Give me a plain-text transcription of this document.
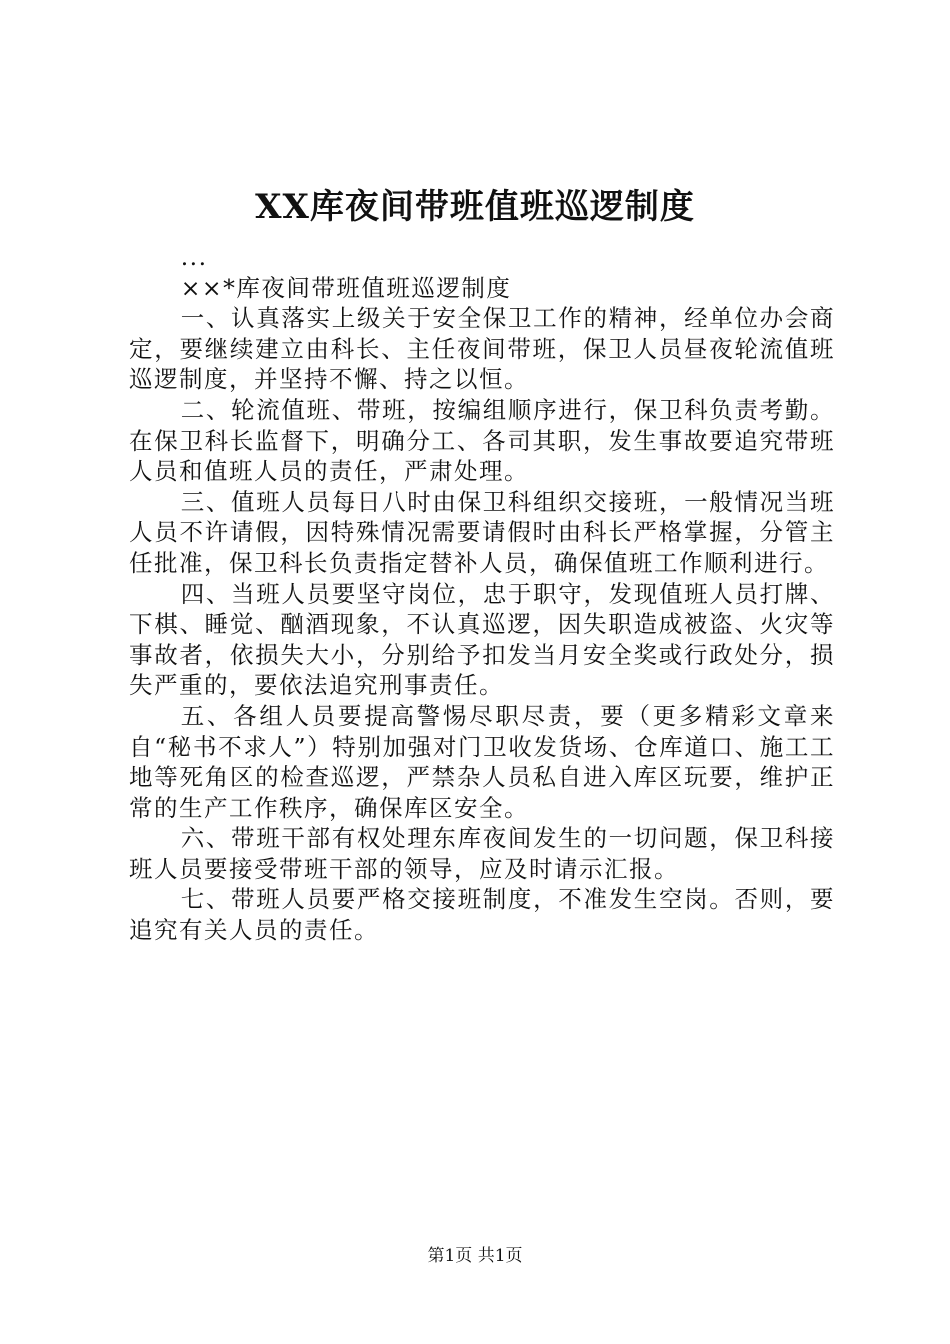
XX库夜间带班值班巡逻制度

...

××*库夜间带班值班巡逻制度

一、认真落实上级关于安全保卫工作的精神，经单位办会商定，要继续建立由科长、主任夜间带班，保卫人员昼夜轮流值班巡逻制度，并坚持不懈、持之以恒。

二、轮流值班、带班，按编组顺序进行，保卫科负责考勤。在保卫科长监督下，明确分工、各司其职，发生事故要追究带班人员和值班人员的责任，严肃处理。

三、值班人员每日八时由保卫科组织交接班，一般情况当班人员不许请假，因特殊情况需要请假时由科长严格掌握，分管主任批准，保卫科长负责指定替补人员，确保值班工作顺利进行。

四、当班人员要坚守岗位，忠于职守，发现值班人员打牌、下棋、睡觉、酗酒现象，不认真巡逻，因失职造成被盗、火灾等事故者，依损失大小，分别给予扣发当月安全奖或行政处分，损失严重的，要依法追究刑事责任。

五、各组人员要提高警惕尽职尽责，要（更多精彩文章来自“秘书不求人”）特别加强对门卫收发货场、仓库道口、施工工地等死角区的检查巡逻，严禁杂人员私自进入库区玩要，维护正常的生产工作秩序，确保库区安全。

六、带班干部有权处理东库夜间发生的一切问题，保卫科接班人员要接受带班干部的领导，应及时请示汇报。

七、带班人员要严格交接班制度，不准发生空岗。否则，要追究有关人员的责任。

第1页 共1页
